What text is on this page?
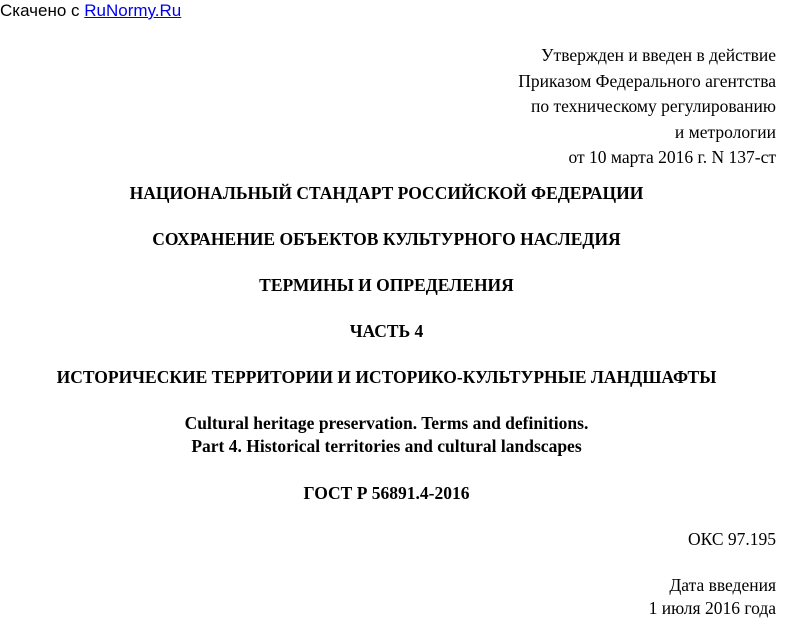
Скачено с RuNormy.Ru
Утвержден и введен в действие
Приказом Федерального агентства
по техническому регулированию
и метрологии
от 10 марта 2016 г. N 137-ст
НАЦИОНАЛЬНЫЙ СТАНДАРТ РОССИЙСКОЙ ФЕДЕРАЦИИ
СОХРАНЕНИЕ ОБЪЕКТОВ КУЛЬТУРНОГО НАСЛЕДИЯ
ТЕРМИНЫ И ОПРЕДЕЛЕНИЯ
ЧАСТЬ 4
ИСТОРИЧЕСКИЕ ТЕРРИТОРИИ И ИСТОРИКО-КУЛЬТУРНЫЕ ЛАНДШАФТЫ
Cultural heritage preservation. Terms and definitions.
Part 4. Historical territories and cultural landscapes
ГОСТ Р 56891.4-2016
ОКС 97.195
Дата введения
1 июля 2016 года
